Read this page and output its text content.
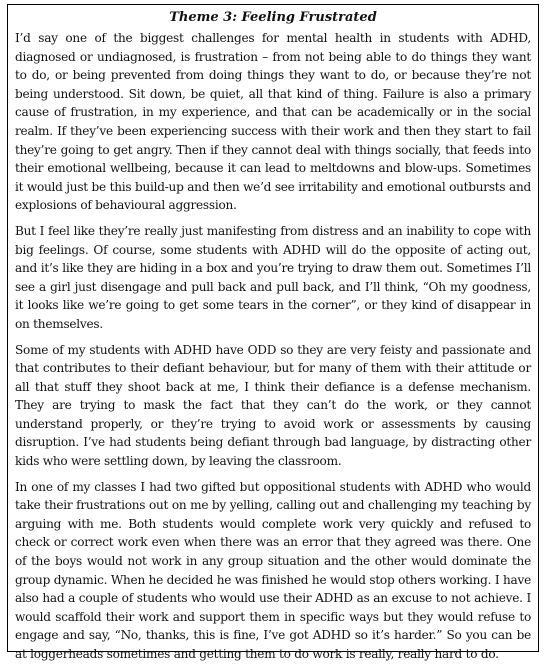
Theme 3: Feeling Frustrated

I’d say one of the biggest challenges for mental health in students with ADHD, diagnosed or undiagnosed, is frustration – from not being able to do things they want to do, or being prevented from doing things they want to do, or because they’re not being understood. Sit down, be quiet, all that kind of thing. Failure is also a primary cause of frustration, in my experience, and that can be academically or in the social realm. If they’ve been experiencing success with their work and then they start to fail they’re going to get angry. Then if they cannot deal with things socially, that feeds into their emotional wellbeing, because it can lead to meltdowns and blow-ups. Sometimes it would just be this build-up and then we’d see irritability and emotional outbursts and explosions of behavioural aggression.

But I feel like they’re really just manifesting from distress and an inability to cope with big feelings. Of course, some students with ADHD will do the opposite of acting out, and it’s like they are hiding in a box and you’re trying to draw them out. Sometimes I’ll see a girl just disengage and pull back and pull back, and I’ll think, “Oh my goodness, it looks like we’re going to get some tears in the corner”, or they kind of disappear in on themselves.

Some of my students with ADHD have ODD so they are very feisty and passionate and that contributes to their defiant behaviour, but for many of them with their attitude or all that stuff they shoot back at me, I think their defiance is a defense mechanism. They are trying to mask the fact that they can’t do the work, or they cannot understand properly, or they’re trying to avoid work or assessments by causing disruption. I’ve had students being defiant through bad language, by distracting other kids who were settling down, by leaving the classroom.

In one of my classes I had two gifted but oppositional students with ADHD who would take their frustrations out on me by yelling, calling out and challenging my teaching by arguing with me. Both students would complete work very quickly and refused to check or correct work even when there was an error that they agreed was there. One of the boys would not work in any group situation and the other would dominate the group dynamic. When he decided he was finished he would stop others working. I have also had a couple of students who would use their ADHD as an excuse to not achieve. I would scaffold their work and support them in specific ways but they would refuse to engage and say, “No, thanks, this is fine, I’ve got ADHD so it’s harder.” So you can be at loggerheads sometimes and getting them to do work is really, really hard to do.
